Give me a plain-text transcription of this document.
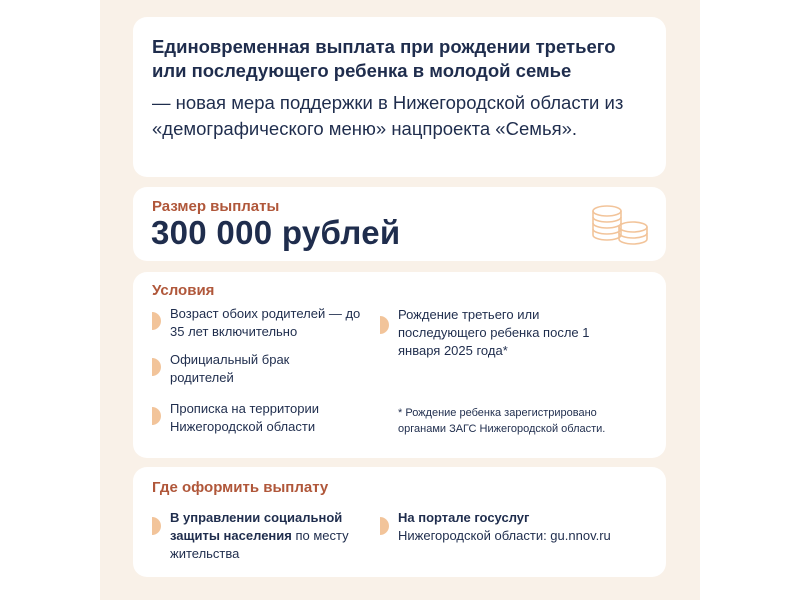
Единовременная выплата при рождении третьего или последующего ребенка в молодой семье
— новая мера поддержки в Нижегородской области из «демографического меню» нацпроекта «Семья».
Размер выплаты
300 000 рублей
Условия
Возраст обоих родителей — до 35 лет включительно
Официальный брак родителей
Прописка на территории Нижегородской области
Рождение третьего или последующего ребенка после 1 января 2025 года*
* Рождение ребенка зарегистрировано органами ЗАГС Нижегородской области.
Где оформить выплату
В управлении социальной защиты населения по месту жительства
На портале госуслуг
Нижегородской области: gu.nnov.ru
